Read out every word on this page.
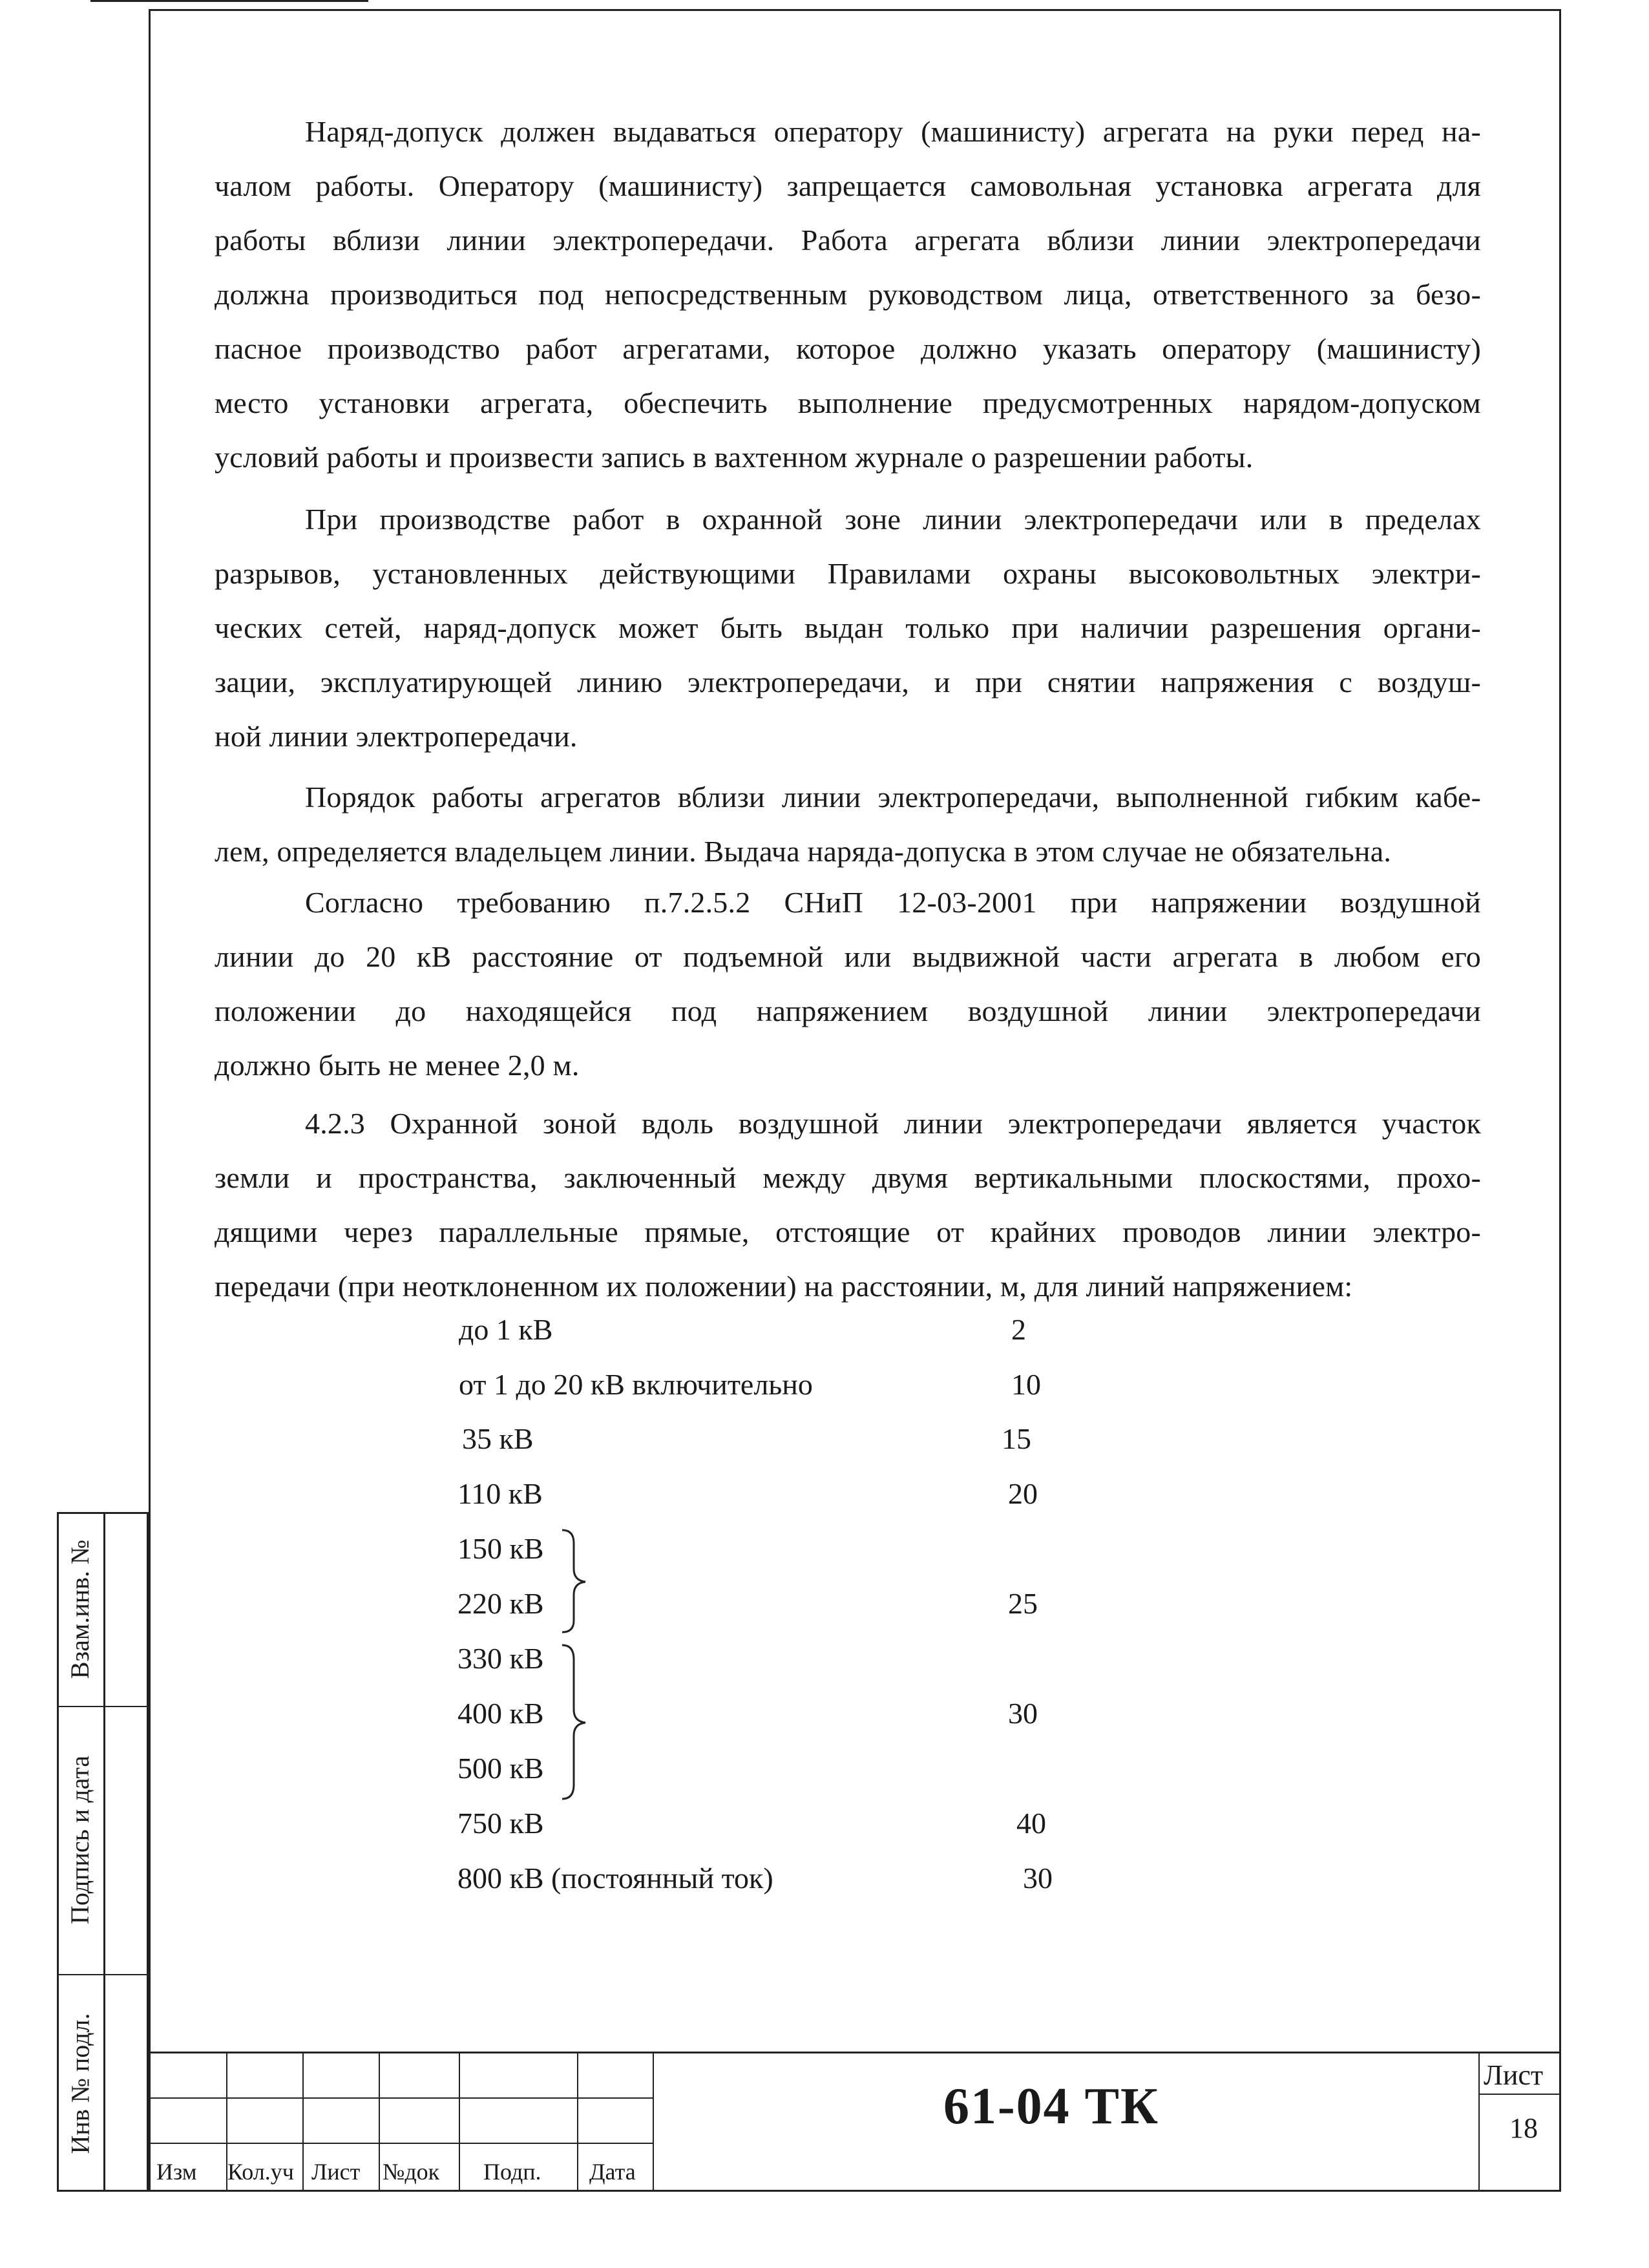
Наряд-допуск должен выдаваться оператору (машинисту) агрегата на руки перед на-
чалом работы. Оператору (машинисту) запрещается самовольная установка агрегата для
работы вблизи линии электропередачи. Работа агрегата вблизи линии электропередачи
должна производиться под непосредственным руководством лица, ответственного за безо-
пасное производство работ агрегатами, которое должно указать оператору (машинисту)
место установки агрегата, обеспечить выполнение предусмотренных нарядом-допуском
условий работы и произвести запись в вахтенном журнале о разрешении работы.

При производстве работ в охранной зоне линии электропередачи или в пределах
разрывов, установленных действующими Правилами охраны высоковольтных электри-
ческих сетей, наряд-допуск может быть выдан только при наличии разрешения органи-
зации, эксплуатирующей линию электропередачи, и при снятии напряжения с воздуш-
ной линии электропередачи.

Порядок работы агрегатов вблизи линии электропередачи, выполненной гибким кабе-
лем, определяется владельцем линии. Выдача наряда-допуска в этом случае не обязательна.

Согласно требованию п.7.2.5.2 СНиП 12-03-2001 при напряжении воздушной
линии до 20 кВ расстояние от подъемной или выдвижной части агрегата в любом его
положении до находящейся под напряжением воздушной линии электропередачи
должно быть не менее 2,0 м.

4.2.3 Охранной зоной вдоль воздушной линии электропередачи является участок
земли и пространства, заключенный между двумя вертикальными плоскостями, прохо-
дящими через параллельные прямые, отстоящие от крайних проводов линии электро-
передачи (при неотклоненном их положении) на расстоянии, м, для линий напряжением:

до 1 кВ	2
от 1 до 20 кВ включительно	10
35 кВ	15
110 кВ	20
150 кВ
220 кВ	25
330 кВ
400 кВ	30
500 кВ
750 кВ	40
800 кВ (постоянный ток)	30
Взам.инв. №
Подпись и дата
Инв № подл.
Изм Кол.уч Лист №док Подп. Дата
61-04 ТК
Лист
18
